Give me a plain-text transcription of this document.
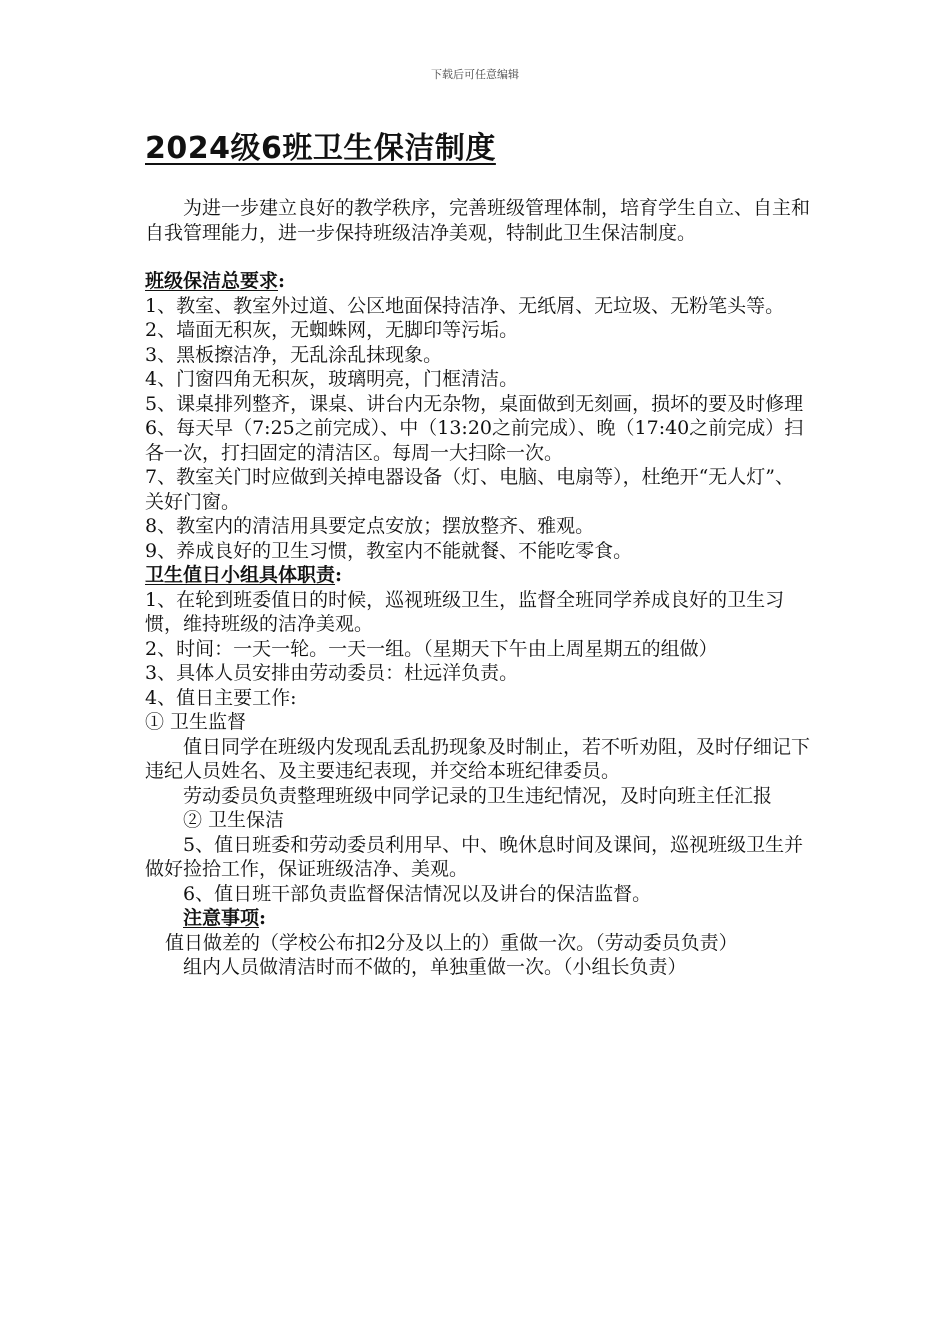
下载后可任意编辑
2024级6班卫生保洁制度

为进一步建立良好的教学秩序，完善班级管理体制，培育学生自立、自主和自我管理能力，进一步保持班级洁净美观，特制此卫生保洁制度。

班级保洁总要求:

1、教室、教室外过道、公区地面保持洁净、无纸屑、无垃圾、无粉笔头等。

2、墙面无积灰，无蜘蛛网，无脚印等污垢。

3、黑板擦洁净，无乱涂乱抹现象。

4、门窗四角无积灰，玻璃明亮，门框清洁。

5、课桌排列整齐，课桌、讲台内无杂物，桌面做到无刻画，损坏的要及时修理

6、每天早（7:25之前完成）、中（13:20之前完成）、晚（17:40之前完成）扫各一次，打扫固定的清洁区。每周一大扫除一次。

7、教室关门时应做到关掉电器设备（灯、电脑、电扇等），杜绝开“无人灯”、关好门窗。

8、教室内的清洁用具要定点安放；摆放整齐、雅观。

9、养成良好的卫生习惯，教室内不能就餐、不能吃零食。

卫生值日小组具体职责:

1、在轮到班委值日的时候，巡视班级卫生，监督全班同学养成良好的卫生习惯，维持班级的洁净美观。

2、时间：一天一轮。一天一组。（星期天下午由上周星期五的组做）

3、具体人员安排由劳动委员：杜远洋负责。

4、值日主要工作:

① 卫生监督

值日同学在班级内发现乱丢乱扔现象及时制止，若不听劝阻，及时仔细记下违纪人员姓名、及主要违纪表现，并交给本班纪律委员。

劳动委员负责整理班级中同学记录的卫生违纪情况，及时向班主任汇报

② 卫生保洁

5、值日班委和劳动委员利用早、中、晚休息时间及课间，巡视班级卫生并做好捡拾工作，保证班级洁净、美观。

6、值日班干部负责监督保洁情况以及讲台的保洁监督。

注意事项:

值日做差的（学校公布扣2分及以上的）重做一次。（劳动委员负责）

组内人员做清洁时而不做的，单独重做一次。（小组长负责）
